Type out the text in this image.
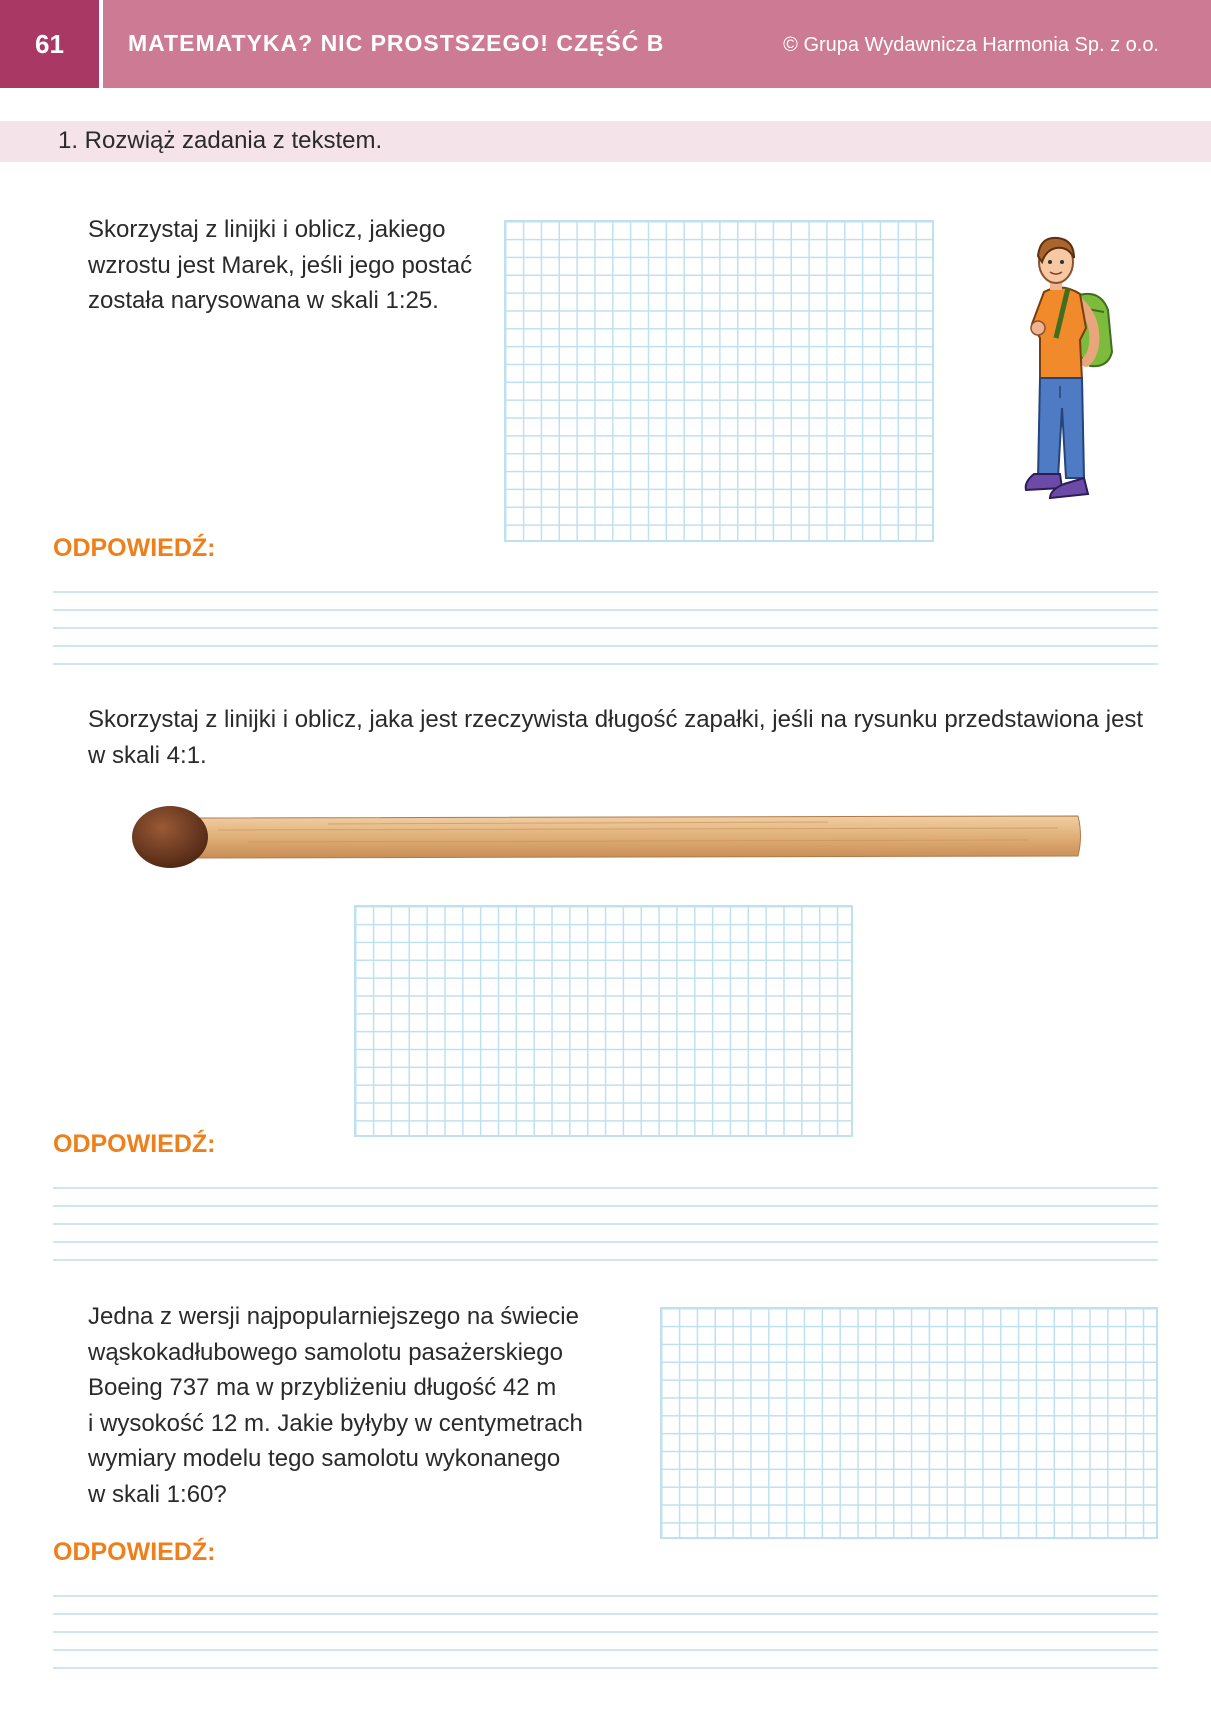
61	MATEMATYKA? NIC PROSTSZEGO! CZĘŚĆ B	© Grupa Wydawnicza Harmonia Sp. z o.o.
1. Rozwiąż zadania z tekstem.
Skorzystaj z linijki i oblicz, jakiego
wzrostu jest Marek, jeśli jego postać
została narysowana w skali 1:25.
ODPOWIEDŹ:
Skorzystaj z linijki i oblicz, jaka jest rzeczywista długość zapałki, jeśli na rysunku przedstawiona jest
w skali 4:1.
ODPOWIEDŹ:
Jedna z wersji najpopularniejszego na świecie
wąskokadłubowego samolotu pasażerskiego
Boeing 737 ma w przybliżeniu długość 42 m
i wysokość 12 m. Jakie byłyby w centymetrach
wymiary modelu tego samolotu wykonanego
w skali 1:60?
ODPOWIEDŹ:
